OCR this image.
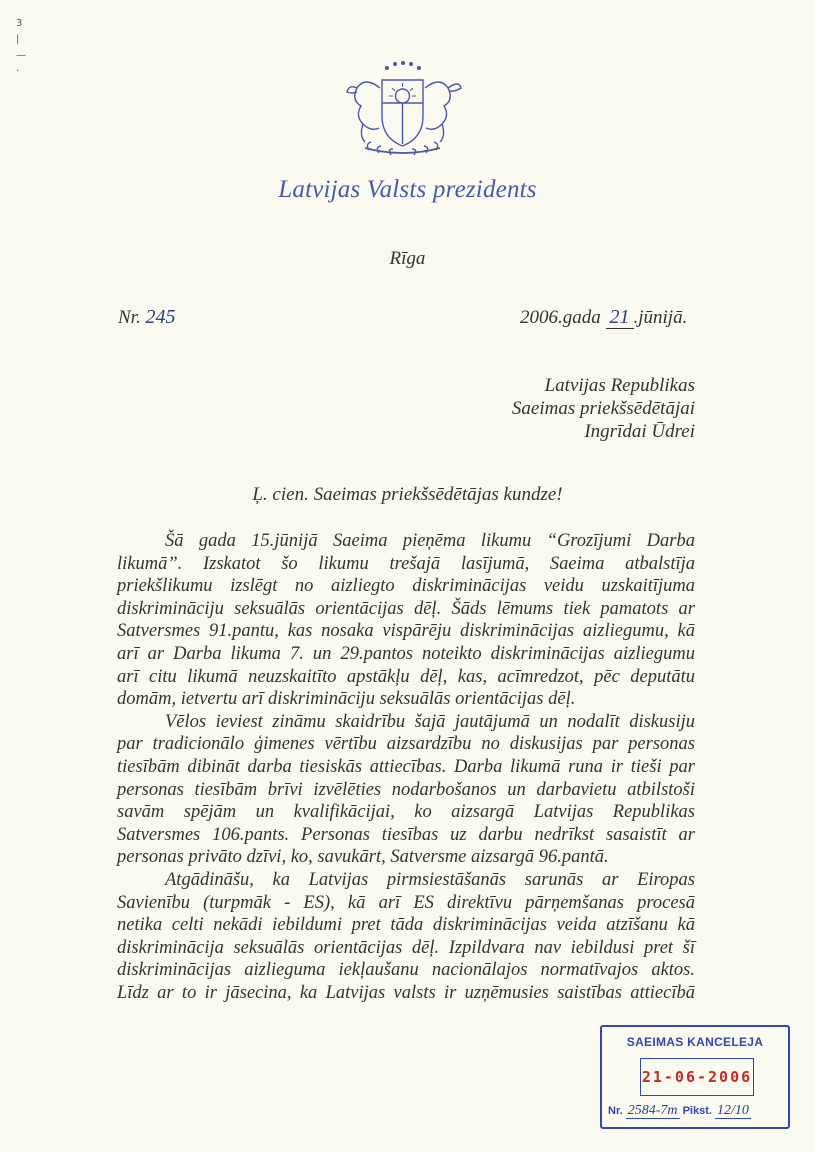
3
|
—
·
Latvijas Valsts prezidents
Rīga
Nr. 245	2006.gada 21 .jūnijā.
Latvijas Republikas
Saeimas priekšsēdētājai
Ingrīdai Ūdrei
Ļ. cien. Saeimas priekšsēdētājas kundze!
Šā gada 15.jūnijā Saeima pieņēma likumu “Grozījumi Darba
likumā”. Izskatot šo likumu trešajā lasījumā, Saeima atbalstīja
priekšlikumu izslēgt no aizliegto diskriminācijas veidu uzskaitījuma
diskrimināciju seksuālās orientācijas dēļ. Šāds lēmums tiek pamatots ar
Satversmes 91.pantu, kas nosaka vispārēju diskriminācijas aizliegumu, kā
arī ar Darba likuma 7. un 29.pantos noteikto diskriminācijas aizliegumu
arī citu likumā neuzskaitīto apstākļu dēļ, kas, acīmredzot, pēc deputātu
domām, ietvertu arī diskrimināciju seksuālās orientācijas dēļ.
Vēlos ieviest zināmu skaidrību šajā jautājumā un nodalīt diskusiju
par tradicionālo ģimenes vērtību aizsardzību no diskusijas par personas
tiesībām dibināt darba tiesiskās attiecības. Darba likumā runa ir tieši par
personas tiesībām brīvi izvēlēties nodarbošanos un darbavietu atbilstoši
savām spējām un kvalifikācijai, ko aizsargā Latvijas Republikas
Satversmes 106.pants. Personas tiesības uz darbu nedrīkst sasaistīt ar
personas privāto dzīvi, ko, savukārt, Satversme aizsargā 96.pantā.
Atgādināšu, ka Latvijas pirmsiestāšanās sarunās ar Eiropas
Savienību (turpmāk - ES), kā arī ES direktīvu pārņemšanas procesā
netika celti nekādi iebildumi pret tāda diskriminācijas veida atzīšanu kā
diskriminācija seksuālās orientācijas dēļ. Izpildvara nav iebildusi pret šī
diskriminācijas aizlieguma iekļaušanu nacionālajos normatīvajos aktos.
Līdz ar to ir jāsecina, ka Latvijas valsts ir uzņēmusies saistības attiecībā
SAEIMAS KANCELEJA
21-06-2006
Nr. 2584-7m Pikst. 12/10
